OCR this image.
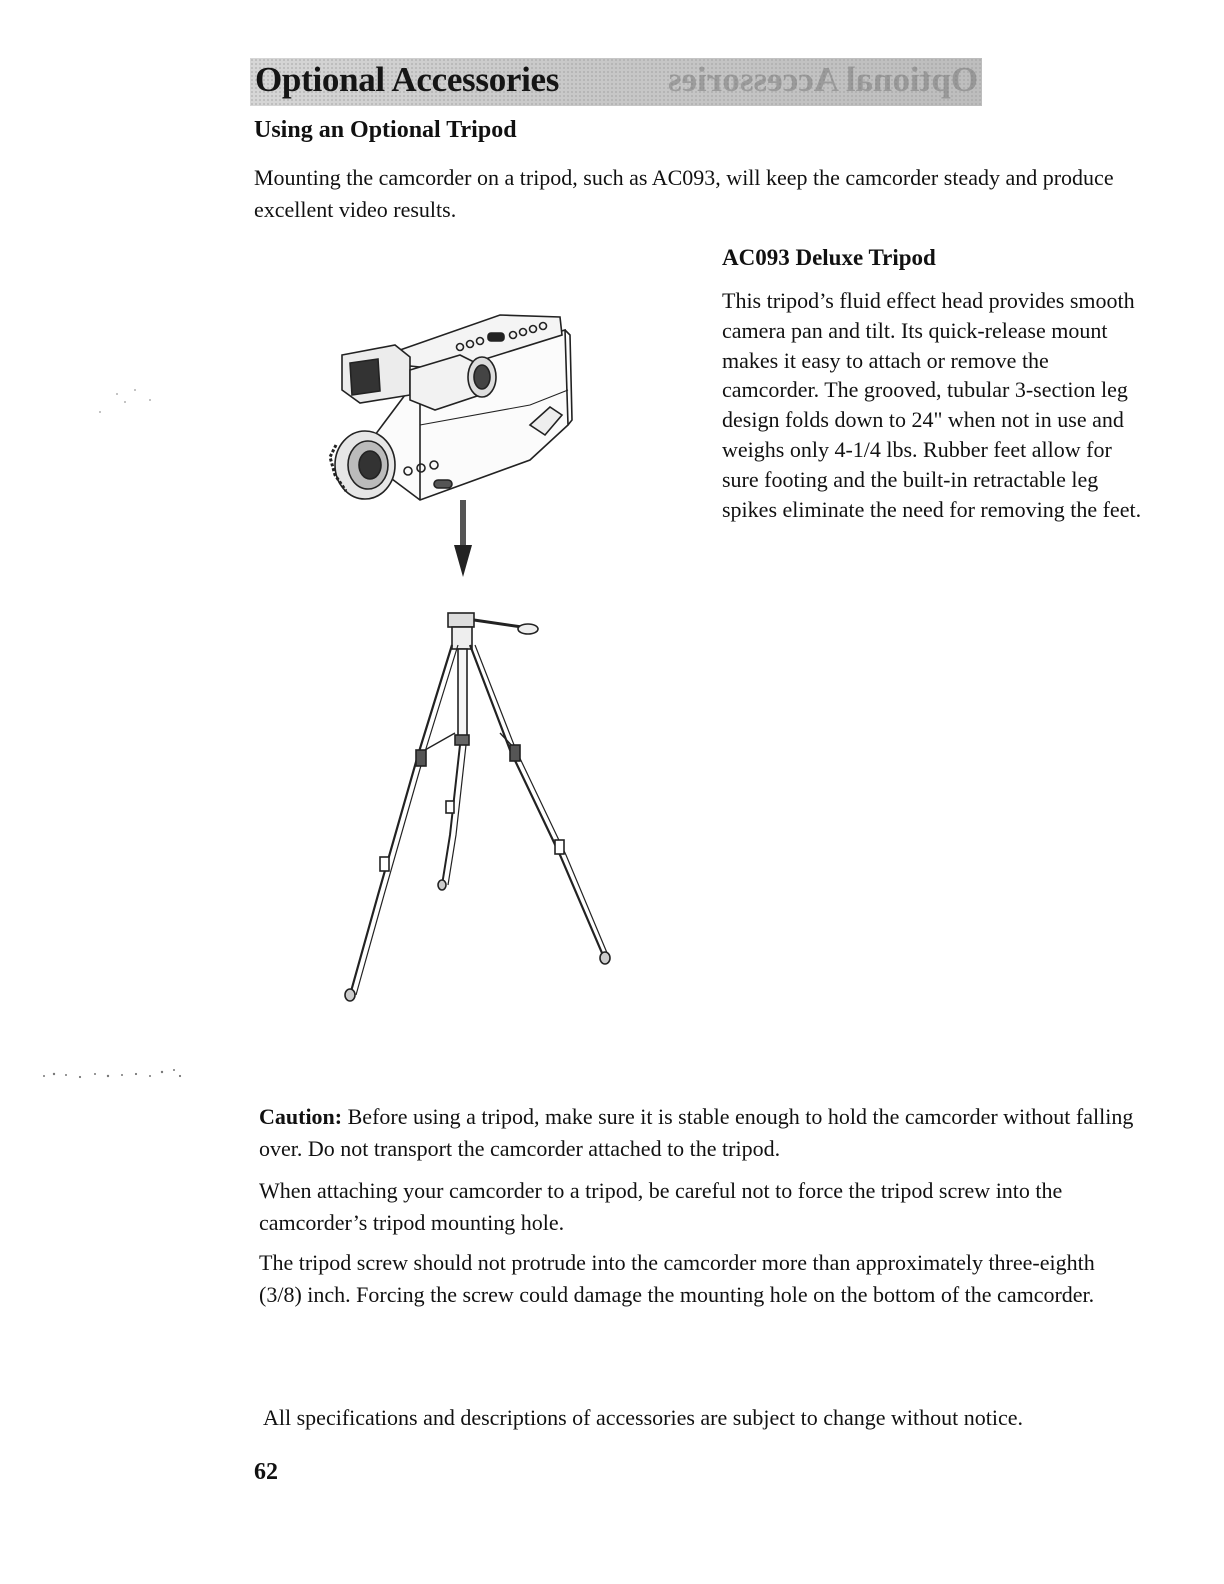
Optional Accessories	Optional Accessories
Using an Optional Tripod

Mounting the camcorder on a tripod, such as AC093, will keep the camcorder steady and produce excellent video results.

AC093 Deluxe Tripod

This tripod’s fluid effect head provides smooth camera pan and tilt. Its quick-release mount makes it easy to attach or remove the camcorder. The grooved, tubular 3-section leg design folds down to 24" when not in use and weighs only 4-1/4 lbs. Rubber feet allow for sure footing and the built-in retractable leg spikes eliminate the need for removing the feet.

Caution: Before using a tripod, make sure it is stable enough to hold the camcorder without falling over. Do not transport the camcorder attached to the tripod.

When attaching your camcorder to a tripod, be careful not to force the tripod screw into the camcorder’s tripod mounting hole.

The tripod screw should not protrude into the camcorder more than approximately three-eighth (3/8) inch. Forcing the screw could damage the mounting hole on the bottom of the camcorder.

All specifications and descriptions of accessories are subject to change without notice.

62
